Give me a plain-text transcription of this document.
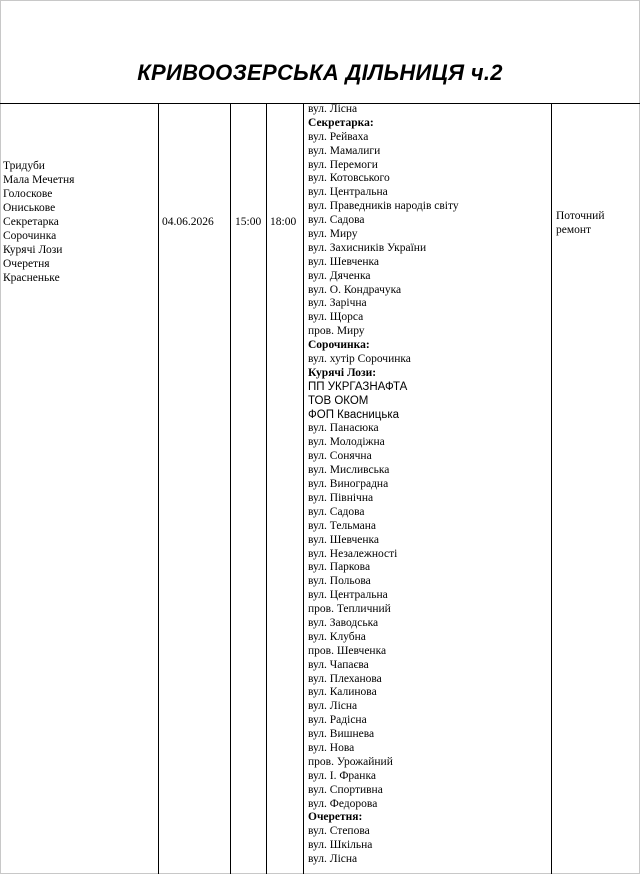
КРИВООЗЕРСЬКА ДІЛЬНИЦЯ ч.2
Тридуби
Мала Мечетня
Голоскове
Ониськове
Секретарка
Сорочинка
Курячі Лози
Очеретня
Красненьке
04.06.2026 15:00 18:00
вул. Лісна
Секретарка:
вул. Рейваха
вул. Мамалиги
вул. Перемоги
вул. Котовського
вул. Центральна
вул. Праведників народів світу
вул. Садова
вул. Миру
вул. Захисників України
вул. Шевченка
вул. Дяченка
вул. О. Кондрачука
вул. Зарічна
вул. Щорса
пров. Миру
Сорочинка:
вул. хутір Сорочинка
Курячі Лози:
ПП УКРГАЗНАФТА
ТОВ ОКОМ
ФОП Квасницька
вул. Панасюка
вул. Молодіжна
вул. Сонячна
вул. Мисливська
вул. Виноградна
вул. Північна
вул. Садова
вул. Тельмана
вул. Шевченка
вул. Незалежності
вул. Паркова
вул. Польова
вул. Центральна
пров. Тепличний
вул. Заводська
вул. Клубна
пров. Шевченка
вул. Чапаєва
вул. Плеханова
вул. Калинова
вул. Лісна
вул. Радісна
вул. Вишнева
вул. Нова
пров. Урожайний
вул. І. Франка
вул. Спортивна
вул. Федорова
Очеретня:
вул. Степова
вул. Шкільна
вул. Лісна
Поточний ремонт
